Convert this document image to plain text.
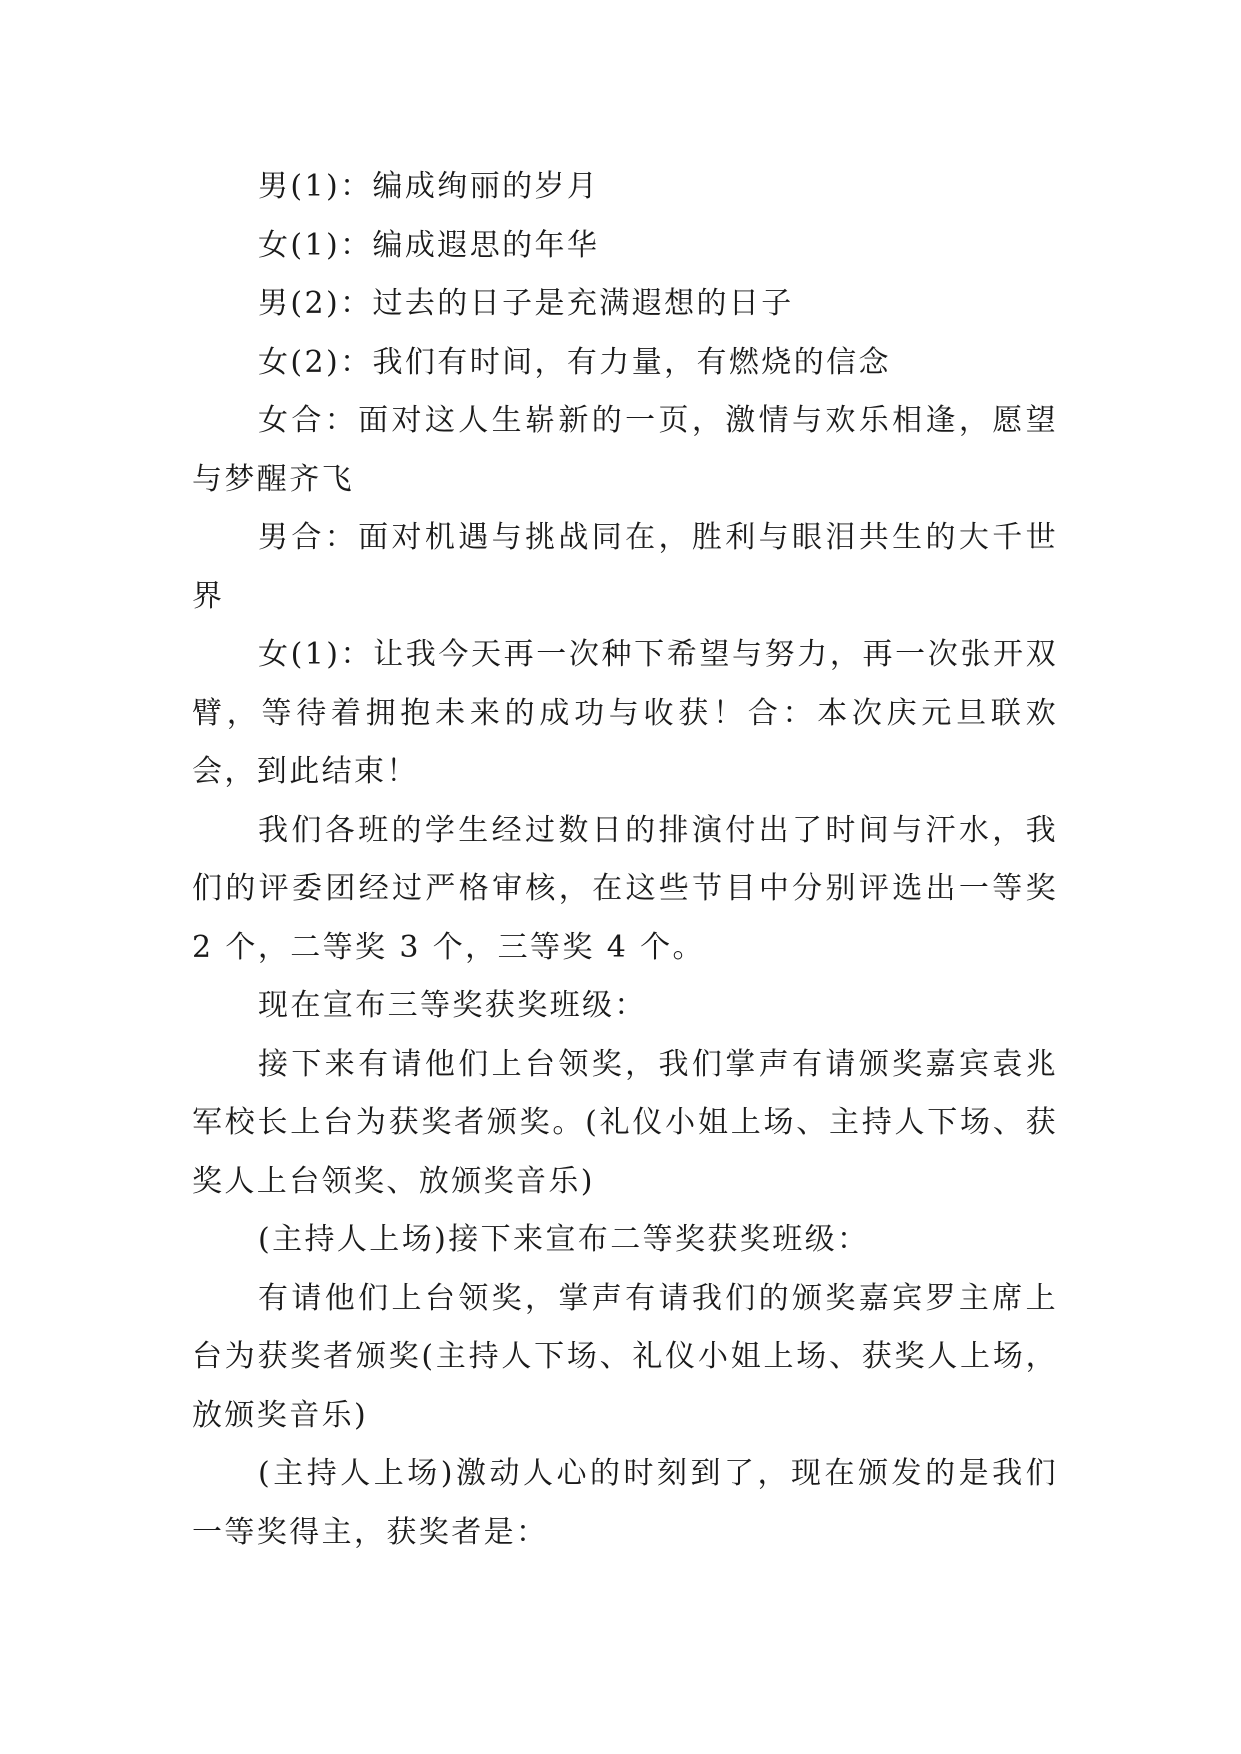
男(1)：编成绚丽的岁月

女(1)：编成遐思的年华

男(2)：过去的日子是充满遐想的日子

女(2)：我们有时间，有力量，有燃烧的信念

女合：面对这人生崭新的一页，激情与欢乐相逢，愿望与梦醒齐飞

男合：面对机遇与挑战同在，胜利与眼泪共生的大千世界

女(1)：让我今天再一次种下希望与努力，再一次张开双臂，等待着拥抱未来的成功与收获！合：本次庆元旦联欢会，到此结束！

我们各班的学生经过数日的排演付出了时间与汗水，我们的评委团经过严格审核，在这些节目中分别评选出一等奖 2 个，二等奖 3 个，三等奖 4 个。

现在宣布三等奖获奖班级：

接下来有请他们上台领奖，我们掌声有请颁奖嘉宾袁兆军校长上台为获奖者颁奖。(礼仪小姐上场、主持人下场、获奖人上台领奖、放颁奖音乐)

(主持人上场)接下来宣布二等奖获奖班级：

有请他们上台领奖，掌声有请我们的颁奖嘉宾罗主席上台为获奖者颁奖(主持人下场、礼仪小姐上场、获奖人上场，放颁奖音乐)

(主持人上场)激动人心的时刻到了，现在颁发的是我们一等奖得主，获奖者是：
